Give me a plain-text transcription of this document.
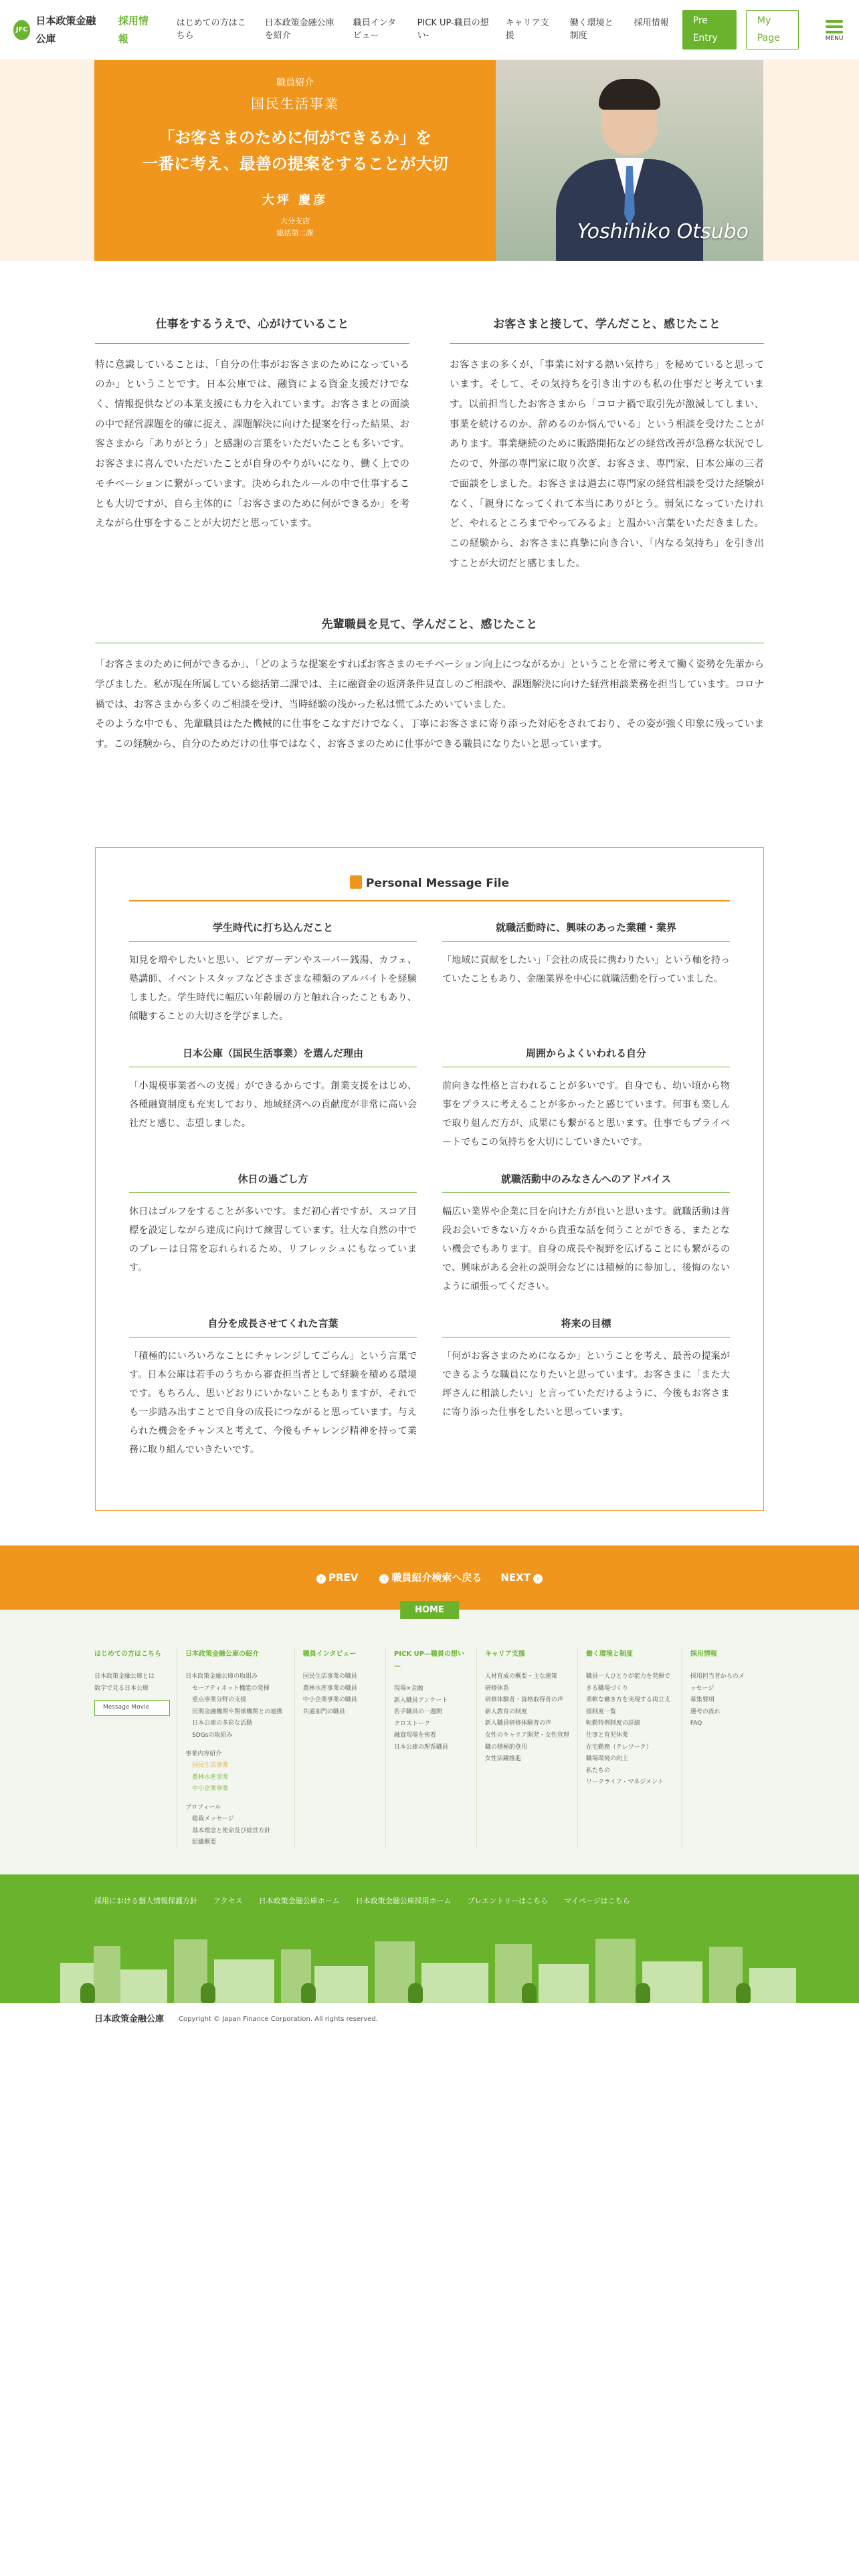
JFC
日本政策金融公庫
採用情報
はじめての方はこちら
日本政策金融公庫を紹介
職員インタビュー
PICK UP-職員の想い-
キャリア支援
働く環境と制度
採用情報	Pre Entry
My Page	MENU
職員紹介
国民生活事業
「お客さまのために何ができるか」を
一番に考え、最善の提案をすることが大切
大坪 慶彦
大分支店
総括第二課	Yoshihiko Otsubo
仕事をするうえで、心がけていること

特に意識していることは、「自分の仕事がお客さまのためになっているのか」ということです。日本公庫では、融資による資金支援だけでなく、情報提供などの本業支援にも力を入れています。お客さまとの面談の中で経営課題を的確に捉え、課題解決に向けた提案を行った結果、お客さまから「ありがとう」と感謝の言葉をいただいたことも多いです。お客さまに喜んでいただいたことが自身のやりがいになり、働く上でのモチベーションに繋がっています。決められたルールの中で仕事することも大切ですが、自ら主体的に「お客さまのために何ができるか」を考えながら仕事をすることが大切だと思っています。

お客さまと接して、学んだこと、感じたこと

お客さまの多くが、「事業に対する熱い気持ち」を秘めていると思っています。そして、その気持ちを引き出すのも私の仕事だと考えています。以前担当したお客さまから「コロナ禍で取引先が激減してしまい、事業を続けるのか、辞めるのか悩んでいる」という相談を受けたことがあります。事業継続のために販路開拓などの経営改善が急務な状況でしたので、外部の専門家に取り次ぎ、お客さま、専門家、日本公庫の三者で面談をしました。お客さまは過去に専門家の経営相談を受けた経験がなく、「親身になってくれて本当にありがとう。弱気になっていたけれど、やれるところまでやってみるよ」と温かい言葉をいただきました。この経験から、お客さまに真摯に向き合い、「内なる気持ち」を引き出すことが大切だと感じました。

先輩職員を見て、学んだこと、感じたこと

「お客さまのために何ができるか」、「どのような提案をすればお客さまのモチベーション向上につながるか」ということを常に考えて働く姿勢を先輩から学びました。私が現在所属している総括第二課では、主に融資金の返済条件見直しのご相談や、課題解決に向けた経営相談業務を担当しています。コロナ禍では、お客さまから多くのご相談を受け、当時経験の浅かった私は慌てふためいていました。

そのような中でも、先輩職員はたた機械的に仕事をこなすだけでなく、丁寧にお客さまに寄り添った対応をされており、その姿が強く印象に残っています。この経験から、自分のためだけの仕事ではなく、お客さまのために仕事ができる職員になりたいと思っています。

Personal Message File
学生時代に打ち込んだこと

知見を増やしたいと思い、ピアガーデンやスーパー銭湯、カフェ、塾講師、イベントスタッフなどさまざまな種類のアルバイトを経験しました。学生時代に幅広い年齢層の方と触れ合ったこともあり、傾聴することの大切さを学びました。

就職活動時に、興味のあった業種・業界

「地域に貢献をしたい」「会社の成長に携わりたい」という軸を持っていたこともあり、金融業界を中心に就職活動を行っていました。

日本公庫（国民生活事業）を選んだ理由

「小規模事業者への支援」ができるからです。創業支援をはじめ、各種融資制度も充実しており、地域経済への貢献度が非常に高い会社だと感じ、志望しました。

周囲からよくいわれる自分

前向きな性格と言われることが多いです。自身でも、幼い頃から物事をプラスに考えることが多かったと感じています。何事も楽しんで取り組んだ方が、成果にも繋がると思います。仕事でもプライベートでもこの気持ちを大切にしていきたいです。

休日の過ごし方

休日はゴルフをすることが多いです。まだ初心者ですが、スコア目標を設定しながら達成に向けて練習しています。壮大な自然の中でのプレーは日常を忘れられるため、リフレッシュにもなっています。

就職活動中のみなさんへのアドバイス

幅広い業界や企業に目を向けた方が良いと思います。就職活動は普段お会いできない方々から貴重な話を伺うことができる、またとない機会でもあります。自身の成長や視野を広げることにも繋がるので、興味がある会社の説明会などには積極的に参加し、後悔のないように頑張ってください。

自分を成長させてくれた言葉

「積極的にいろいろなことにチャレンジしてごらん」という言葉です。日本公庫は若手のうちから審査担当者として経験を積める環境です。もちろん、思いどおりにいかないこともありますが、それでも一歩踏み出すことで自身の成長につながると思っています。与えられた機会をチャンスと考えて、今後もチャレンジ精神を持って業務に取り組んでいきたいです。

将来の目標

「何がお客さまのためになるか」ということを考え、最善の提案ができるような職員になりたいと思っています。お客さまに「また大坪さんに相談したい」と言っていただけるように、今後もお客さまに寄り添った仕事をしたいと思っています。

‹ PREV	‹ 職員紹介検索へ戻る NEXT ›
HOME
はじめての方はこちら
日本政策金融公庫とは
数字で見る日本公庫
Message Movie
日本政策金融公庫の紹介
日本政策金融公庫の取組み
セーフティネット機能の発揮
重点事業分野の支援
民間金融機関や関係機関との連携
日本公庫の多彩な活動
SDGsの取組み
事業内容紹介
国民生活事業
農林水産事業
中小企業事業
プロフィール
総裁メッセージ
基本理念と使命及び経営方針
組織概要
職員インタビュー
国民生活事業の職員
農林水産事業の職員
中小企業事業の職員
共通部門の職員
PICK UP—職員の想い—
現場×金融
新入職員アンケート
若手職員の一週間
クロストーク
融資現場を密着
日本公庫の理系職員
キャリア支援
人材育成の概要・主な施策
研修体系
研修体験者・資格取得者の声
新人教育の制度
新人職員研修体験者の声
女性のキャリア開発・女性管理職の積極的登用
女性活躍推進
働く環境と制度
職員一人ひとりが能力を発揮できる職場づくり
柔軟な働き方を実現する両立支援制度一覧
転勤特例制度の詳細
仕事と育児休業
在宅勤務（テレワーク）
職場環境の向上
私たちの
ワークライフ・マネジメント
採用情報
採用担当者からのメッセージ
募集要項
選考の流れ
FAQ
採用における個人情報保護方針 アクセス 日本政策金融公庫ホーム 日本政策金融公庫採用ホーム プレエントリーはこちら マイページはこちら
日本政策金融公庫 Copyright © Japan Finance Corporation. All rights reserved.
